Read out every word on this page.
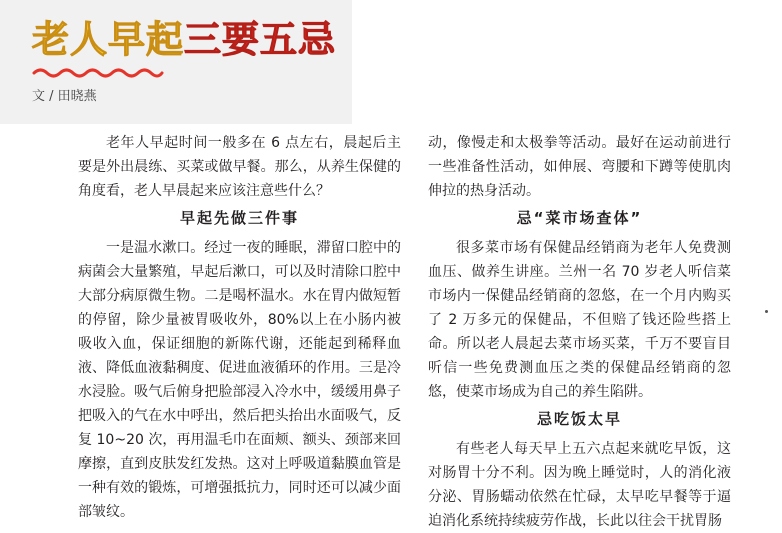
老人早起三要五忌
文 / 田晓燕

老年人早起时间一般多在 6 点左右，晨起后主要是外出晨练、买菜或做早餐。那么，从养生保健的角度看，老人早晨起来应该注意些什么？

早起先做三件事

一是温水漱口。经过一夜的睡眠，滞留口腔中的病菌会大量繁殖，早起后漱口，可以及时清除口腔中大部分病原微生物。二是喝杯温水。水在胃内做短暂的停留，除少量被胃吸收外，80%以上在小肠内被吸收入血，保证细胞的新陈代谢，还能起到稀释血液、降低血液黏稠度、促进血液循环的作用。三是冷水浸脸。吸气后俯身把脸部浸入冷水中，缓缓用鼻子把吸入的气在水中呼出，然后把头抬出水面吸气，反复 10~20 次，再用温毛巾在面颊、额头、颈部来回摩擦，直到皮肤发红发热。这对上呼吸道黏膜血管是一种有效的锻炼，可增强抵抗力，同时还可以减少面部皱纹。

动，像慢走和太极拳等活动。最好在运动前进行一些准备性活动，如伸展、弯腰和下蹲等使肌肉伸拉的热身活动。

忌“菜市场查体”

很多菜市场有保健品经销商为老年人免费测血压、做养生讲座。兰州一名 70 岁老人听信菜市场内一保健品经销商的忽悠，在一个月内购买了 2 万多元的保健品，不但赔了钱还险些搭上命。所以老人晨起去菜市场买菜，千万不要盲目听信一些免费测血压之类的保健品经销商的忽悠，使菜市场成为自己的养生陷阱。

忌吃饭太早

有些老人每天早上五六点起来就吃早饭，这对肠胃十分不利。因为晚上睡觉时，人的消化液分泌、胃肠蠕动依然在忙碌，太早吃早餐等于逼迫消化系统持续疲劳作战，长此以往会干扰胃肠
